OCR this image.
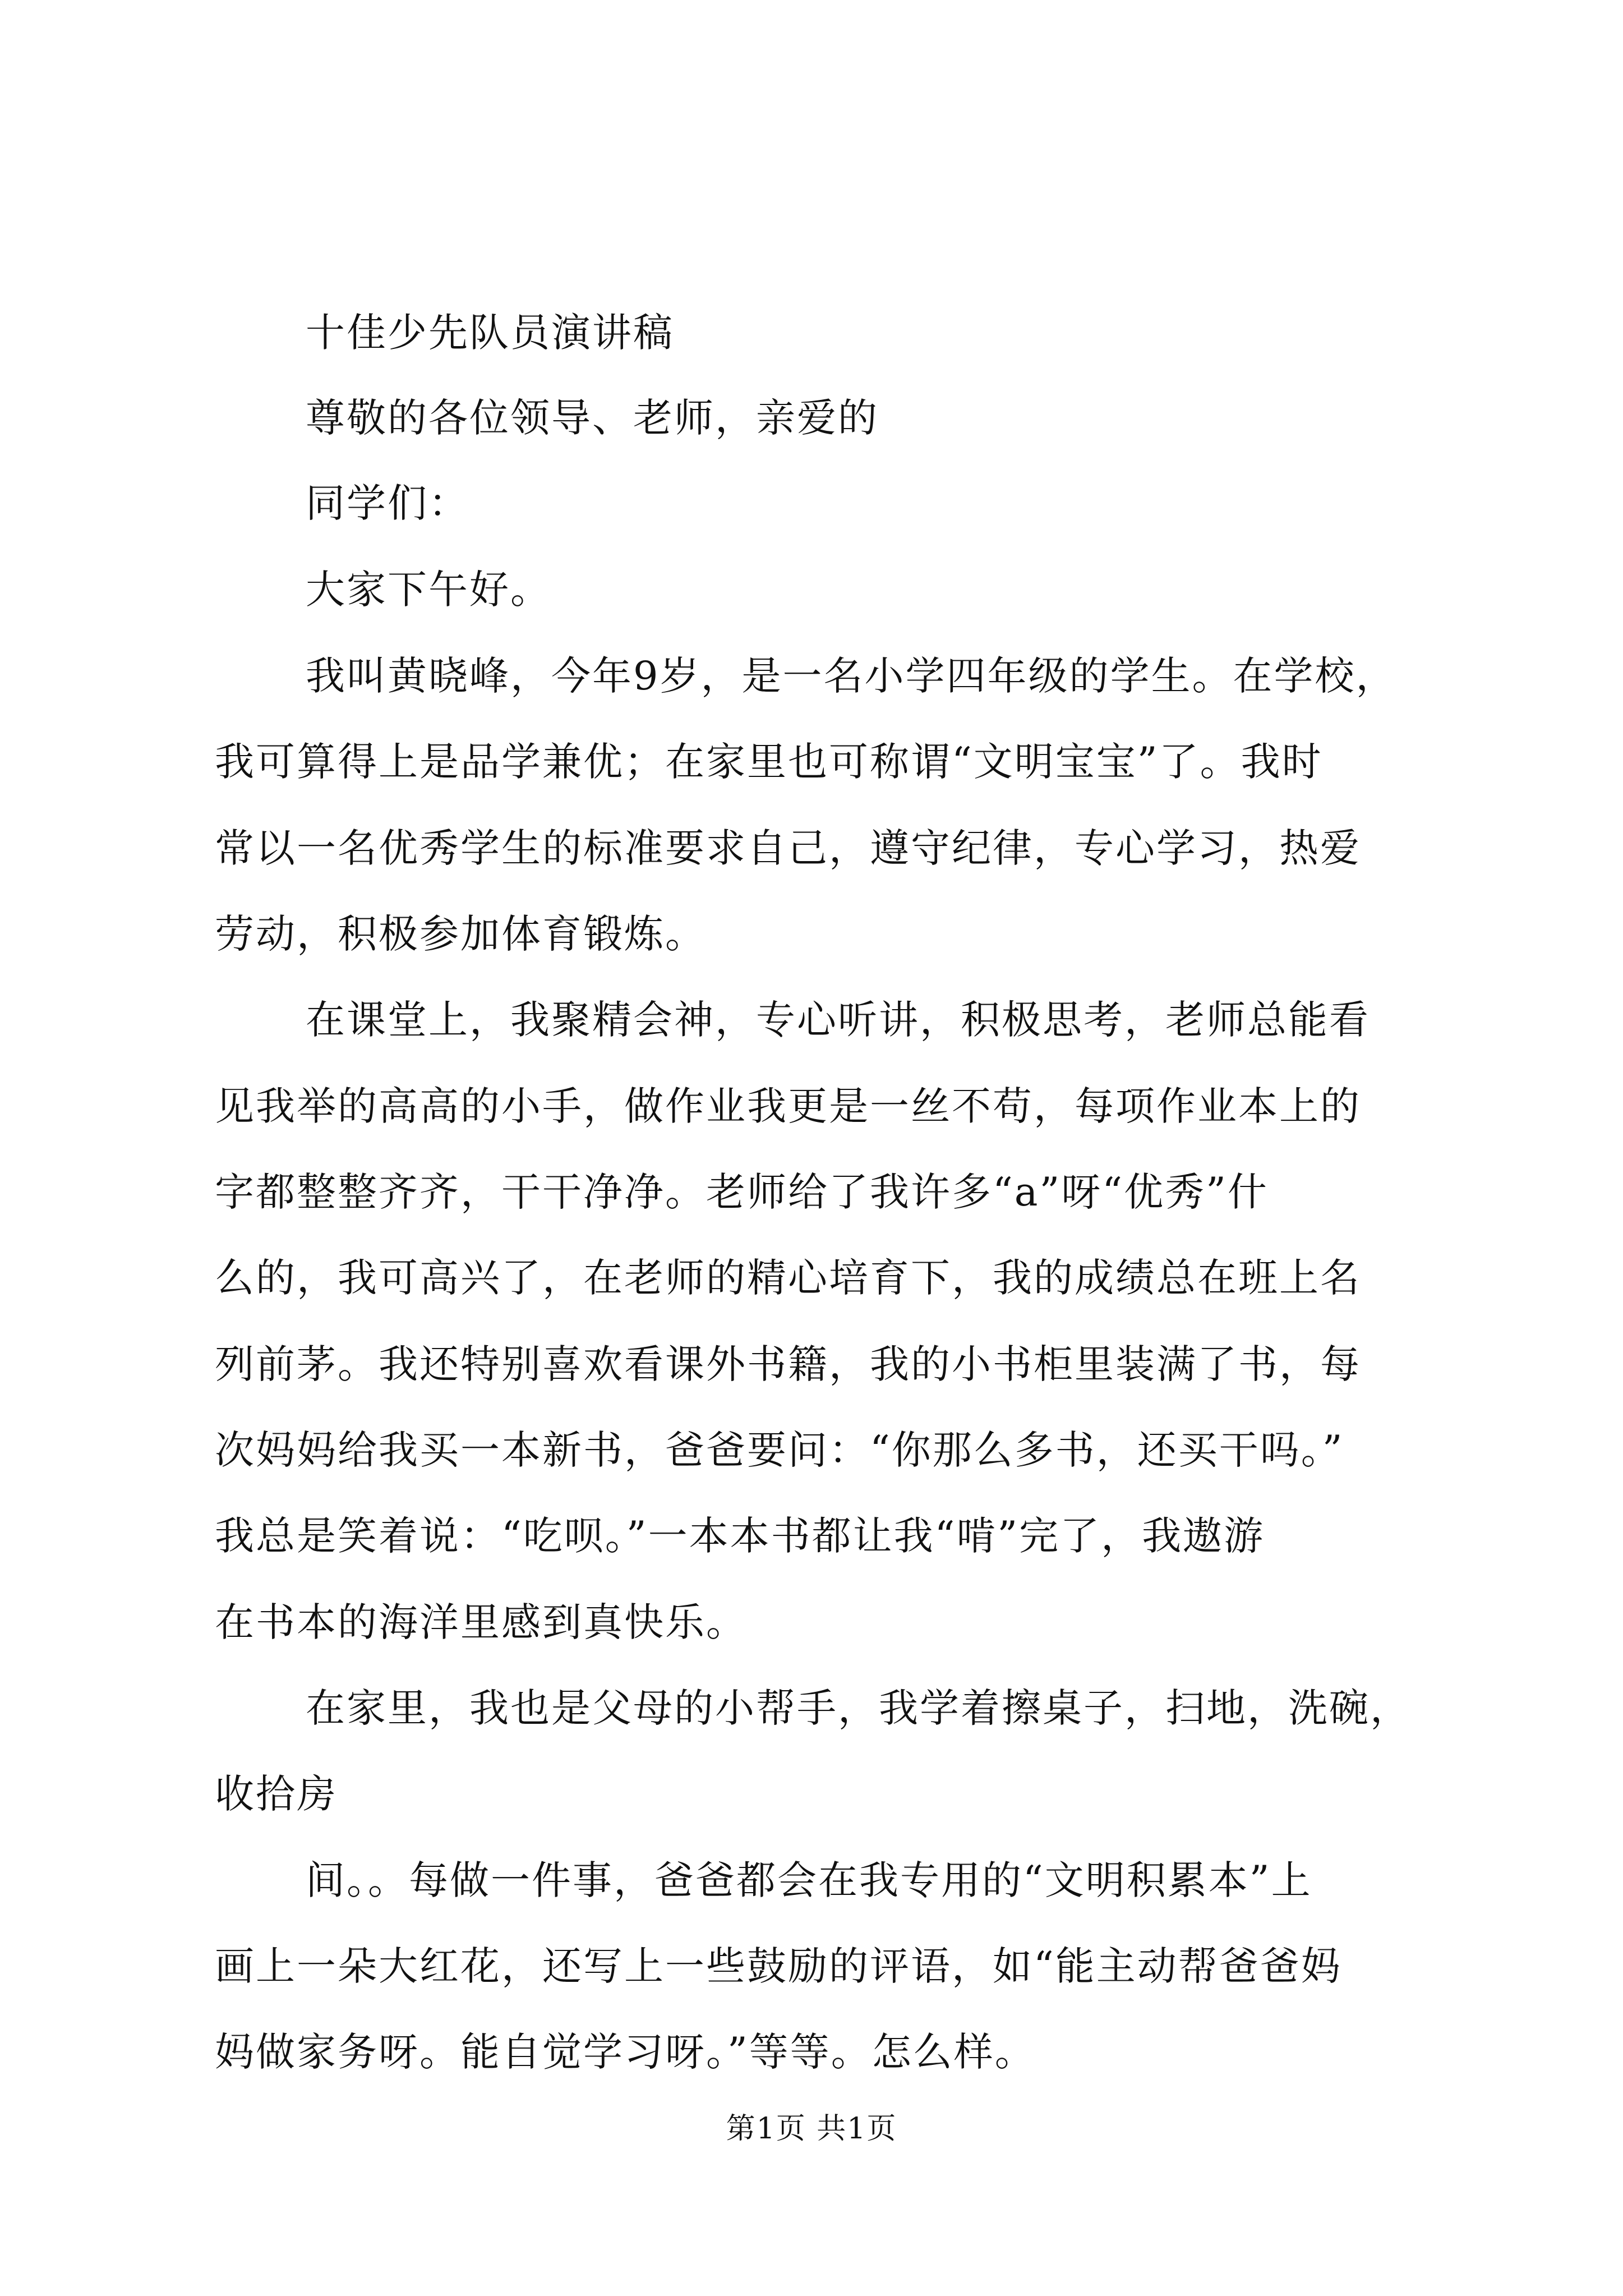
十佳少先队员演讲稿
尊敬的各位领导、老师，亲爱的
同学们：
大家下午好。
我叫黄晓峰，今年9岁，是一名小学四年级的学生。在学校，
我可算得上是品学兼优；在家里也可称谓“文明宝宝”了。我时
常以一名优秀学生的标准要求自己，遵守纪律，专心学习，热爱
劳动，积极参加体育锻炼。
在课堂上，我聚精会神，专心听讲，积极思考，老师总能看
见我举的高高的小手，做作业我更是一丝不苟，每项作业本上的
字都整整齐齐，干干净净。老师给了我许多“a”呀“优秀”什
么的，我可高兴了，在老师的精心培育下，我的成绩总在班上名
列前茅。我还特别喜欢看课外书籍，我的小书柜里装满了书，每
次妈妈给我买一本新书，爸爸要问：“你那么多书，还买干吗。”
我总是笑着说：“吃呗。”一本本书都让我“啃”完了，我遨游
在书本的海洋里感到真快乐。
在家里，我也是父母的小帮手，我学着擦桌子，扫地，洗碗，
收拾房
间。。每做一件事，爸爸都会在我专用的“文明积累本”上
画上一朵大红花，还写上一些鼓励的评语，如“能主动帮爸爸妈
妈做家务呀。能自觉学习呀。”等等。怎么样。
第1页 共1页
